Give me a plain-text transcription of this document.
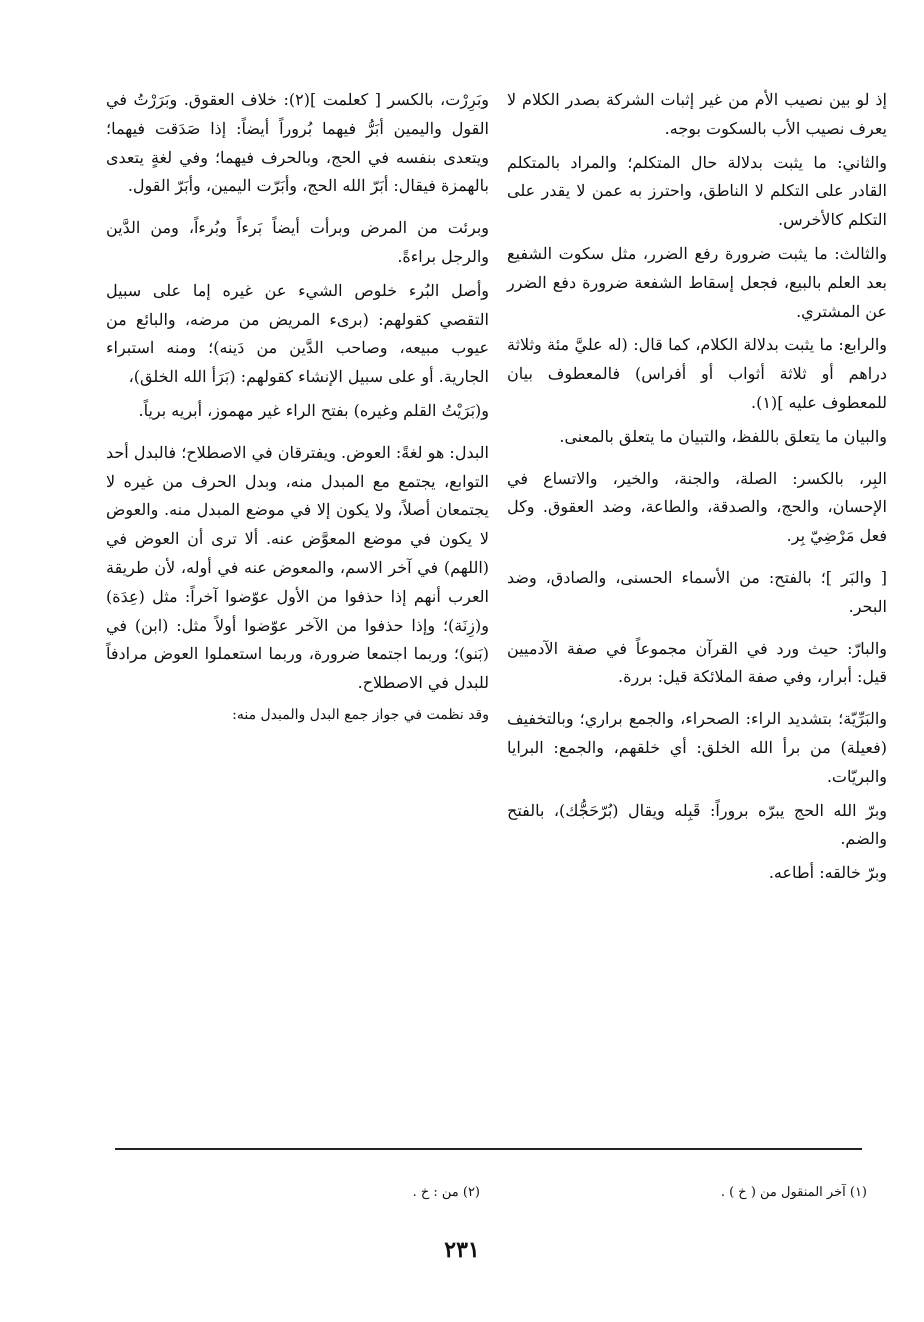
إذ لو بين نصيب الأم من غير إثبات الشركة بصدر الكلام لا يعرف نصيب الأب بالسكوت بوجه.

والثاني: ما يثبت بدلالة حال المتكلم؛ والمراد بالمتكلم القادر على التكلم لا الناطق، واحترز به عمن لا يقدر على التكلم كالأخرس.

والثالث: ما يثبت ضرورة رفع الضرر، مثل سكوت الشفيع بعد العلم بالبيع، فجعل إسقاط الشفعة ضرورة دفع الضرر عن المشتري.

والرابع: ما يثبت بدلالة الكلام، كما قال: (له عليَّ مئة وثلاثة دراهم أو ثلاثة أثواب أو أفراس) فالمعطوف بيان للمعطوف عليه ](١).

والبيان ما يتعلق باللفظ، والتبيان ما يتعلق بالمعنى.

البِر، بالكسر: الصلة، والجنة، والخير، والاتساع في الإحسان، والحج، والصدقة، والطاعة، وضد العقوق. وكل فعل مَرْضِيّ بِر.

[ والبَر ]؛ بالفتح: من الأسماء الحسنى، والصادق، وضد البحر.

والبارّ: حيث ورد في القرآن مجموعاً في صفة الآدميين قيل: أبرار، وفي صفة الملائكة قيل: بررة.

والبَرِّيّة؛ بتشديد الراء: الصحراء، والجمع براري؛ وبالتخفيف (فعيلة) من برأ الله الخلق: أي خلقهم، والجمع: البرايا والبريّات.

وبرّ الله الحج يبرّه بروراً: قَبِله ويقال (بُرّحَجُّك)، بالفتح والضم.

وبرّ خالقه: أطاعه.

وبَرِرْت، بالكسر [ كعلمت ](٢): خلاف العقوق. وبَرَرْتُ في القول واليمين أبَرُّ فيهما بُروراً أيضاً: إذا صَدَقت فيهما؛ ويتعدى بنفسه في الحج، وبالحرف فيهما؛ وفي لغةٍ يتعدى بالهمزة فيقال: أبَرّ الله الحج، وأبَرّت اليمين، وأبَرّ القول.

وبرئت من المرض وبرأت أيضاً بَرءاً وبُرءاً، ومن الدَّين والرجل براءةً.

وأصل البُرء خلوص الشيء عن غيره إما على سبيل التقصي كقولهم: (برىء المريض من مرضه، والبائع من عيوب مبيعه، وصاحب الدَّين من دَينه)؛ ومنه استبراء الجارية. أو على سبيل الإنشاء كقولهم: (بَرَأ الله الخلق)،

و(بَرَيْتُ القلم وغيره) بفتح الراء غير مهموز، أبريه برياً.

البدل: هو لغةً: العوض. ويفترقان في الاصطلاح؛ فالبدل أحد التوابع، يجتمع مع المبدل منه، وبدل الحرف من غيره لا يجتمعان أصلاً، ولا يكون إلا في موضع المبدل منه. والعوض لا يكون في موضع المعوَّض عنه. ألا ترى أن العوض في (اللهم) في آخر الاسم، والمعوض عنه في أوله، لأن طريقة العرب أنهم إذا حذفوا من الأول عوّضوا آخراً: مثل (عِدَة) و(زِنَة)؛ وإذا حذفوا من الآخر عوّضوا أولاً مثل: (ابن) في (بَنو)؛ وربما اجتمعا ضرورة، وربما استعملوا العوض مرادفاً للبدل في الاصطلاح.

وقد نظمت في جواز جمع البدل والمبدل منه:

(١) آخر المنقول من ( خ ) .
(٢) من : خ .
٢٣١
